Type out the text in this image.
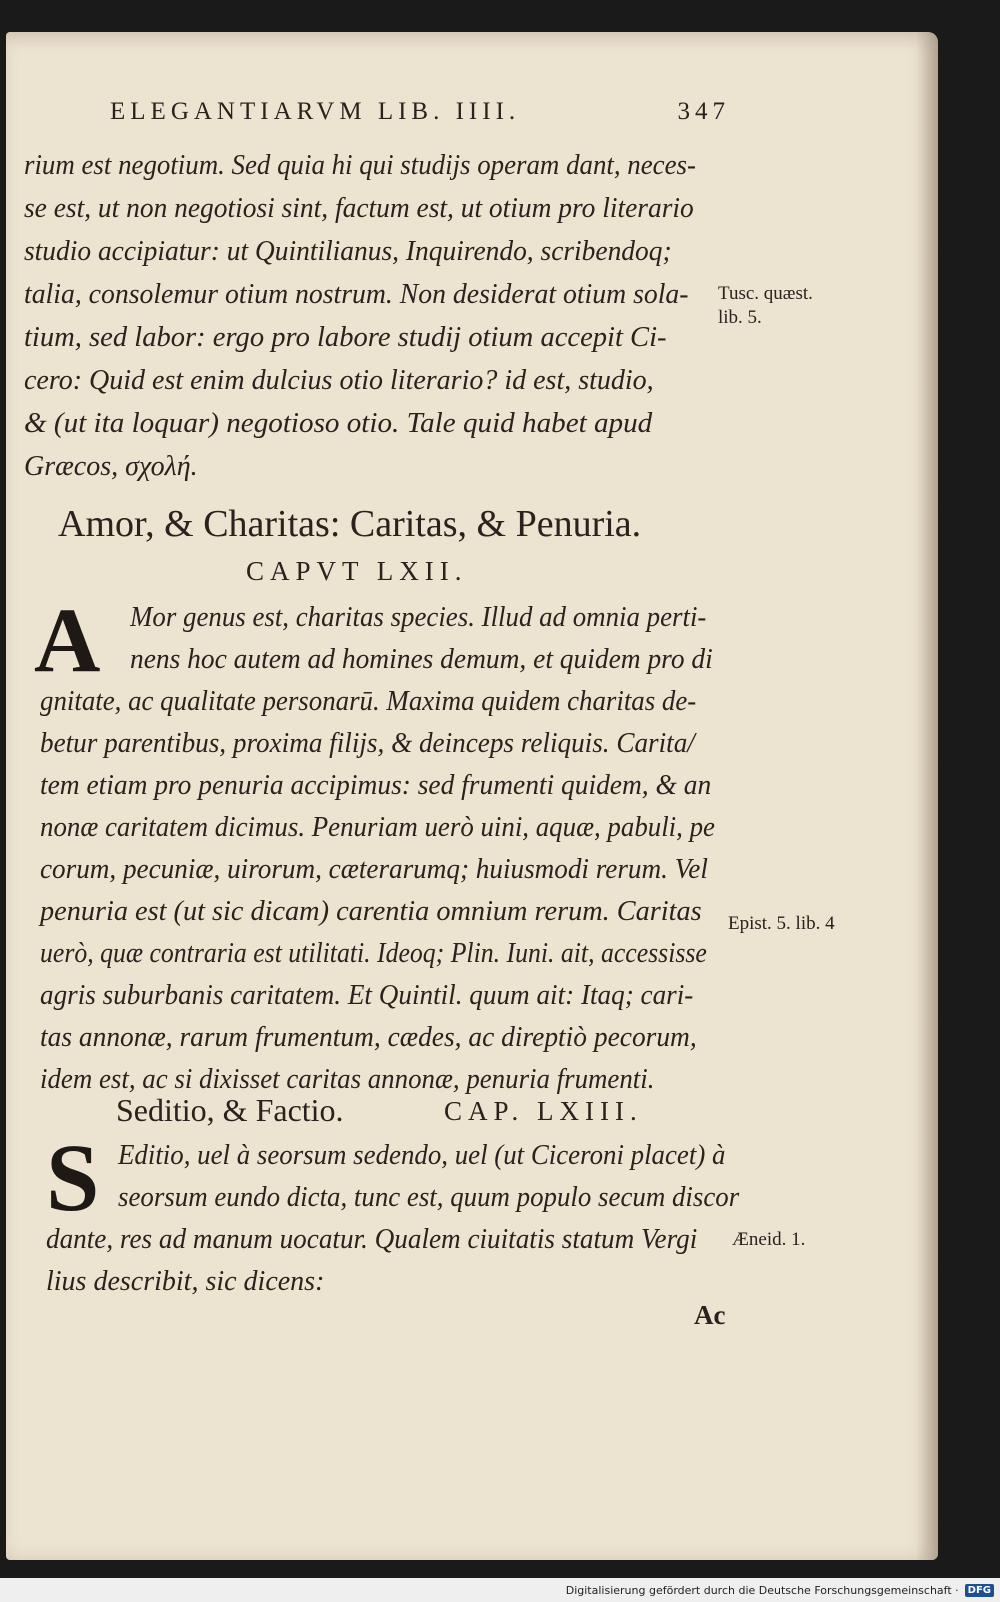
ELEGANTIARVM LIB. IIII.	347
rium est negotium. Sed quia hi qui studijs operam dant, neces-
se est, ut non negotiosi sint, factum est, ut otium pro literario
studio accipiatur: ut Quintilianus, Inquirendo, scribendoq;
talia, consolemur otium nostrum. Non desiderat otium sola-
tium, sed labor: ergo pro labore studij otium accepit Ci-
cero: Quid est enim dulcius otio literario? id est, studio,
& (ut ita loquar) negotioso otio. Tale quid habet apud
Græcos, σχολή.
Amor, & Charitas: Caritas, & Penuria.
CAPVT LXII.
A Mor genus est, charitas species. Illud ad omnia perti-
nens hoc autem ad homines demum, et quidem pro di
gnitate, ac qualitate personarū. Maxima quidem charitas de-
betur parentibus, proxima filijs, & deinceps reliquis. Carita/
tem etiam pro penuria accipimus: sed frumenti quidem, & an
nonæ caritatem dicimus. Penuriam uerò uini, aquæ, pabuli, pe
corum, pecuniæ, uirorum, cæterarumq; huiusmodi rerum. Vel
penuria est (ut sic dicam) carentia omnium rerum. Caritas
uerò, quæ contraria est utilitati. Ideoq; Plin. Iuni. ait, accessisse
agris suburbanis caritatem. Et Quintil. quum ait: Itaq; cari-
tas annonæ, rarum frumentum, cædes, ac direptiò pecorum,
idem est, ac si dixisset caritas annonæ, penuria frumenti.
Seditio, & Factio.	CAP. LXIII.
S Editio, uel à seorsum sedendo, uel (ut Ciceroni placet) à
seorsum eundo dicta, tunc est, quum populo secum discor
dante, res ad manum uocatur. Qualem ciuitatis statum Vergi
lius describit, sic dicens:
Tusc. quæst.
lib. 5.
Epist. 5. lib. 4
Æneid. 1.
Ac
Digitalisierung gefördert durch die Deutsche Forschungsgemeinschaft · DFG
